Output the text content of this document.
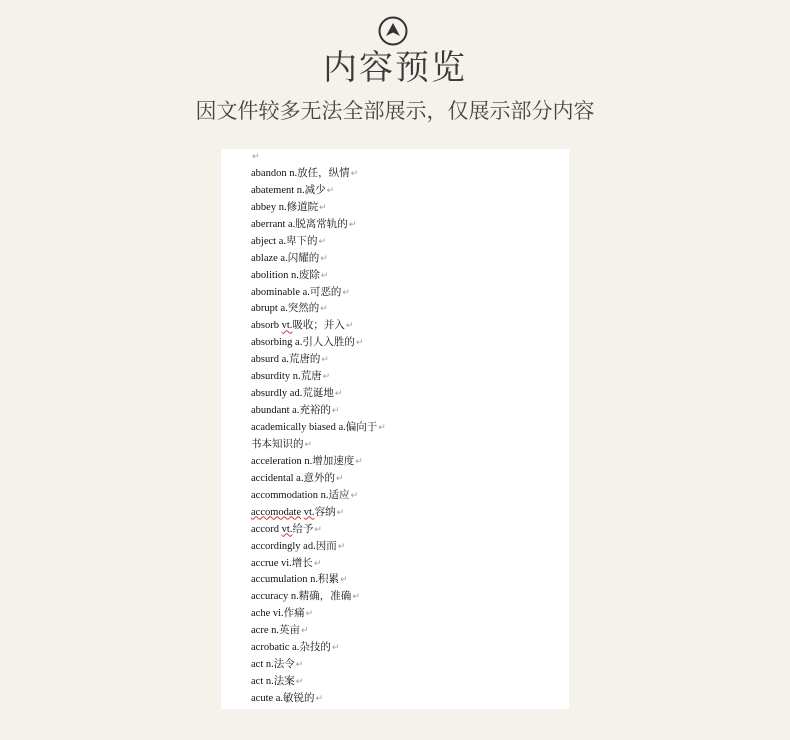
内容预览
因文件较多无法全部展示，仅展示部分内容
↵
abandon n.放任，纵情↵
abatement n.减少↵
abbey n.修道院↵
aberrant a.脱离常轨的↵
abject a.卑下的↵
ablaze a.闪耀的↵
abolition n.废除↵
abominable a.可恶的↵
abrupt a.突然的↵
absorb vt.吸收；并入↵
absorbing a.引人入胜的↵
absurd a.荒唐的↵
absurdity n.荒唐↵
absurdly ad.荒诞地↵
abundant a.充裕的↵
academically biased a.偏向于↵
书本知识的↵
acceleration n.增加速度↵
accidental a.意外的↵
accommodation n.适应↵
accomodate vt.容纳↵
accord vt.给予↵
accordingly ad.因而↵
accrue vi.增长↵
accumulation n.积累↵
accuracy n.精确，准确↵
ache vi.作痛↵
acre n.英亩↵
acrobatic a.杂技的↵
act n.法令↵
act n.法案↵
acute a.敏锐的↵
